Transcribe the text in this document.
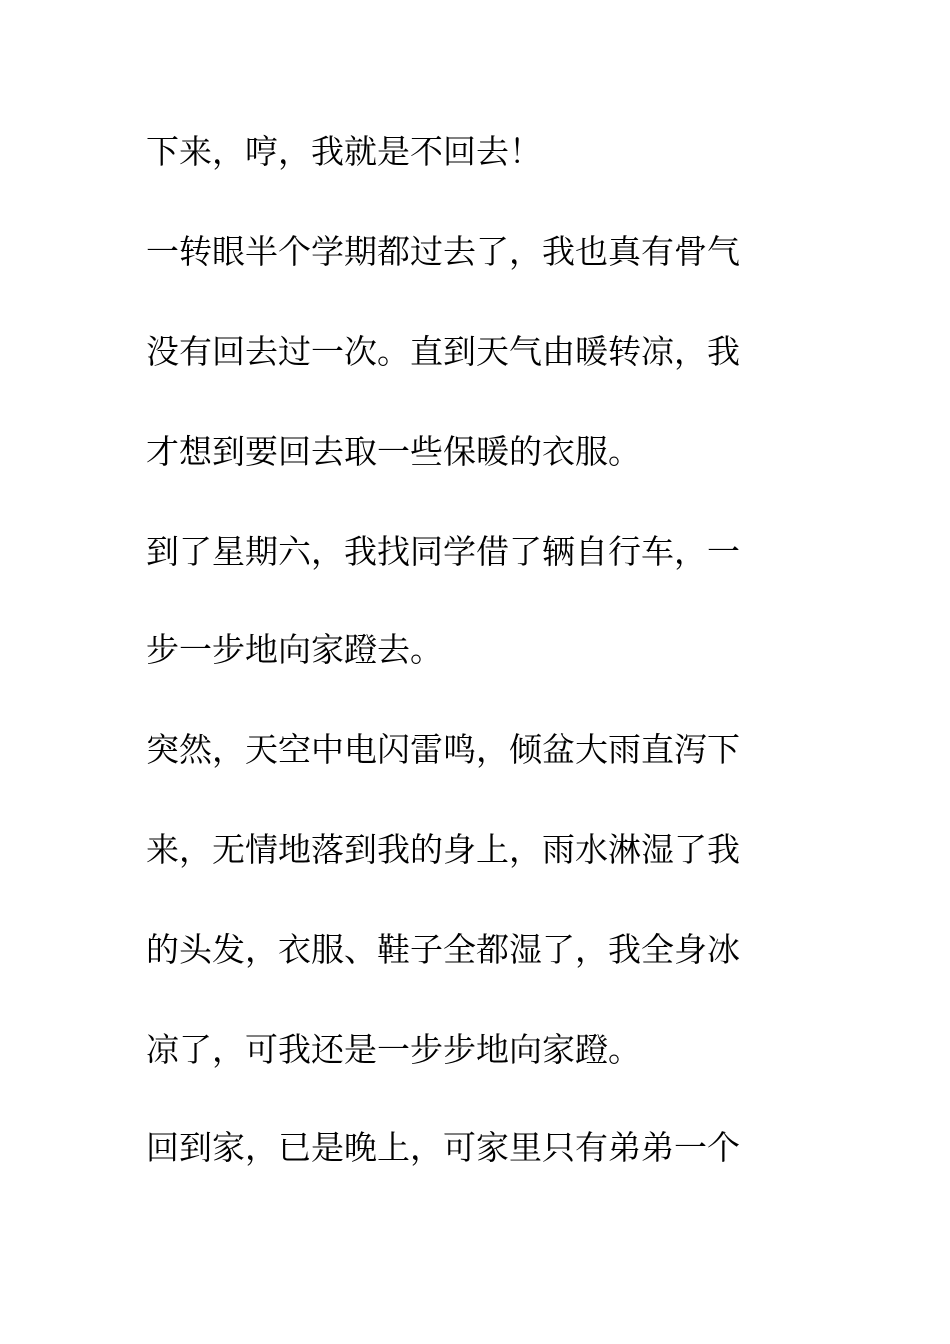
下来，哼，我就是不回去！
一转眼半个学期都过去了，我也真有骨气
没有回去过一次。直到天气由暖转凉，我
才想到要回去取一些保暖的衣服。
到了星期六，我找同学借了辆自行车，一
步一步地向家蹬去。
突然，天空中电闪雷鸣，倾盆大雨直泻下
来，无情地落到我的身上，雨水淋湿了我
的头发，衣服、鞋子全都湿了，我全身冰
凉了，可我还是一步步地向家蹬。
回到家，已是晚上，可家里只有弟弟一个
